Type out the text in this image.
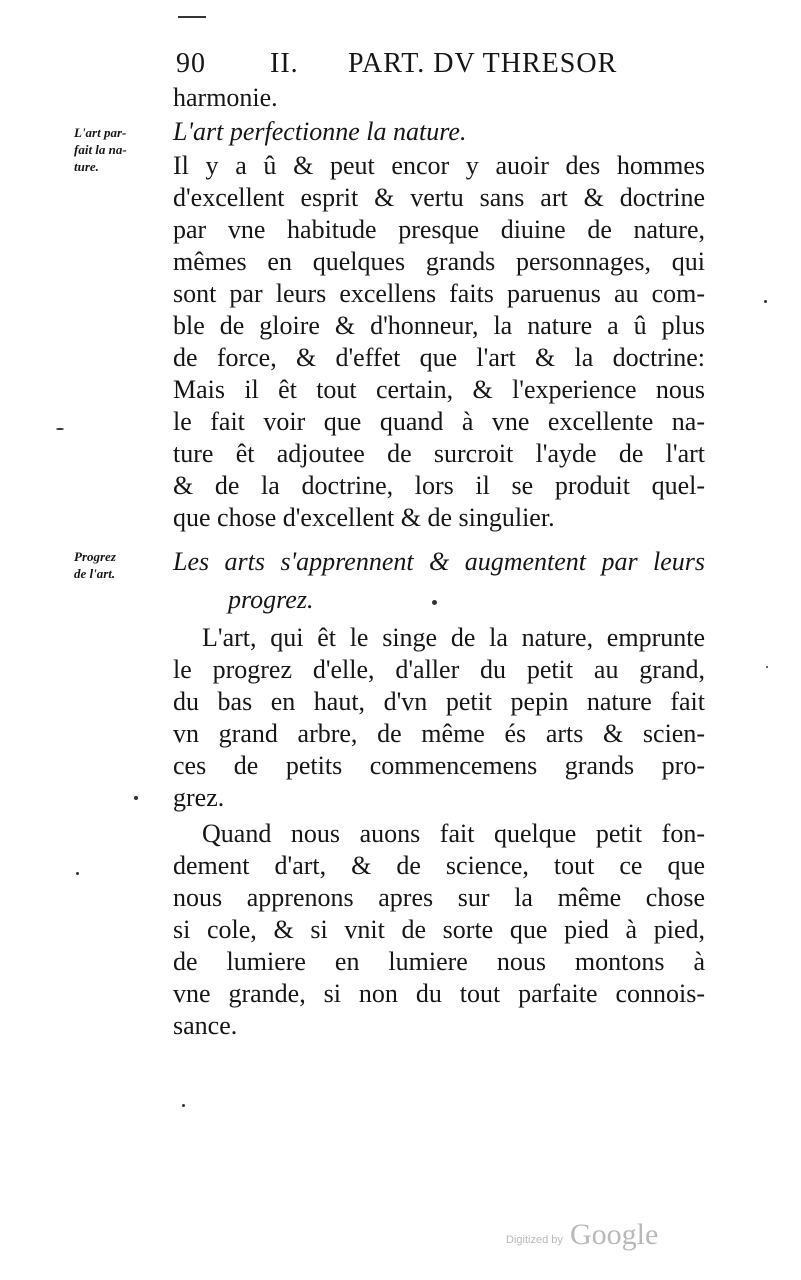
90 II. PART. DV THRESOR
L'art par-
fait la na-
ture.
Progrez
de l'art.
harmonie.
L'art perfectionne la nature.
Il y a û & peut encor y auoir des hommes
d'excellent esprit & vertu sans art & doctrine
par vne habitude presque diuine de nature,
mêmes en quelques grands personnages, qui
sont par leurs excellens faits paruenus au com-
ble de gloire & d'honneur, la nature a û plus
de force, & d'effet que l'art & la doctrine:
Mais il êt tout certain, & l'experience nous
le fait voir que quand à vne excellente na-
ture êt adjoutee de surcroit l'ayde de l'art
& de la doctrine, lors il se produit quel-
que chose d'excellent & de singulier.
Les arts s'apprennent & augmentent par leurs
progrez.
L'art, qui êt le singe de la nature, emprunte
le progrez d'elle, d'aller du petit au grand,
du bas en haut, d'vn petit pepin nature fait
vn grand arbre, de même és arts & scien-
ces de petits commencemens grands pro-
grez.
Quand nous auons fait quelque petit fon-
dement d'art, & de science, tout ce que
nous apprenons apres sur la même chose
si cole, & si vnit de sorte que pied à pied,
de lumiere en lumiere nous montons à
vne grande, si non du tout parfaite connois-
sance.
Digitized by Google
